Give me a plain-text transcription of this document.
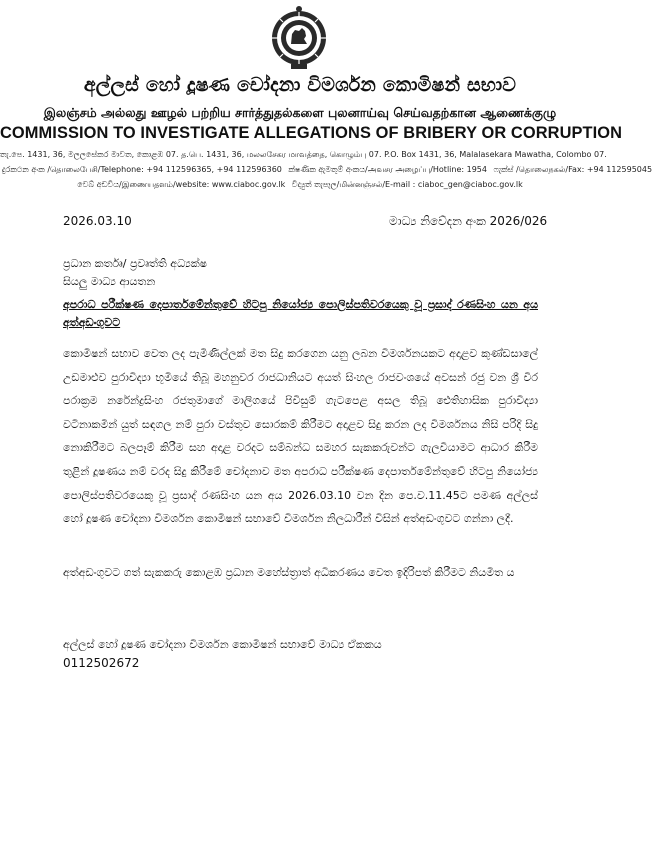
අල්ලස් හෝ දූෂණ චෝදනා විමර්ශන කොමිෂන් සභාව
இலஞ்சம் அல்லது ஊழல் பற்றிய சார்த்துதல்களை புலனாய்வு செய்வதற்கான ஆணைக்குழு
COMMISSION TO INVESTIGATE ALLEGATIONS OF BRIBERY OR CORRUPTION
තැ.පෙ. 1431, 36, මලලසේකර මාවත, කොළඹ 07. த.பெ. 1431, 36, மலலசேகர மாவத்தை, கொழும்பு 07. P.O. Box 1431, 36, Malalasekara Mawatha, Colombo 07.
දුරකථන අංක /தொலைபேசி/Telephone: +94 112596365, +94 112596360 ක්ෂණික ඇමතුම් අංකය/அவசர அழைப்பு/Hotline: 1954 ෆැක්ස් /தொலைநகல்/Fax: +94 112595045
වෙබ් අඩවිය/இணையதளம்/website: www.ciaboc.gov.lk විද්‍යුත් තැපෑල/மின்னஞ்சல்/E-mail : ciaboc_gen@ciaboc.gov.lk
2026.03.10	මාධ්‍ය නිවේදන අංක 2026/026
ප්‍රධාන කර්තෘ/ ප්‍රවෘත්ති අධ්‍යක්ෂ
සියලු මාධ්‍ය ආයතන
අපරාධ පරීක්ෂණ දෙපාර්තමේන්තුවේ හිටපු නියෝජ්‍ය පොලිස්පතිවරයෙකු වූ ප්‍රසාද් රණසිංහ යන අය අත්අඩංගුවට
කොමිෂන් සභාව වෙත ලද පැමිණිල්ලක් මත සිදු කරගෙන යනු ලබන විමර්ශනයකට අදාළව කුණ්ඩසාලේ උඩමාළුව පුරාවිද්‍යා භූමියේ තිබූ මහනුවර රාජධානියට අයත් සිංහල රාජවංශයේ අවසන් රජු වන ශ්‍රී වීර පරාක්‍රම නරේන්ද්‍රසිංහ රජතුමාගේ මාලිගයේ පිවිසුම් ගැටපෙළ අසල තිබූ ඓතිහාසික පුරාවිද්‍යා වටිනාකමින් යුත් සඳගල නම් පුරා වස්තුව සොරකම් කිරීමට අදාළව සිදු කරන ලද විමර්ශනය නිසි පරිදි සිදු නොකිරීමට බලපෑම් කිරීම සහ අදාළ වරදට සම්බන්ධ සමහර සැකකරුවන්ට ගැලවීයාමට ආධාර කිරීම තුළින් දූෂණය නම් වරද සිදු කිරීමේ චෝදනාව මත අපරාධ පරීක්ෂණ දෙපාර්තමේන්තුවේ හිටපු නියෝජ්‍ය පොලිස්පතිවරයෙකු වූ ප්‍රසාද් රණසිංහ යන අය 2026.03.10 වන දින පෙ.ව.11.45ට පමණ අල්ලස් හෝ දූෂණ චෝදනා විමර්ශන කොමිෂන් සභාවේ විමර්ශන නිලධාරීන් විසින් අත්අඩංගුවට ගන්නා ලදී.
අත්අඩංගුවට ගත් සැකකරු කොළඹ ප්‍රධාන මහේස්ත්‍රාත් අධිකරණය වෙත ඉදිරිපත් කිරීමට නියමිත ය
අල්ලස් හෝ දූෂණ චෝදනා විමර්ශන කොමිෂන් සභාවේ මාධ්‍ය ඒකකය
0112502672
